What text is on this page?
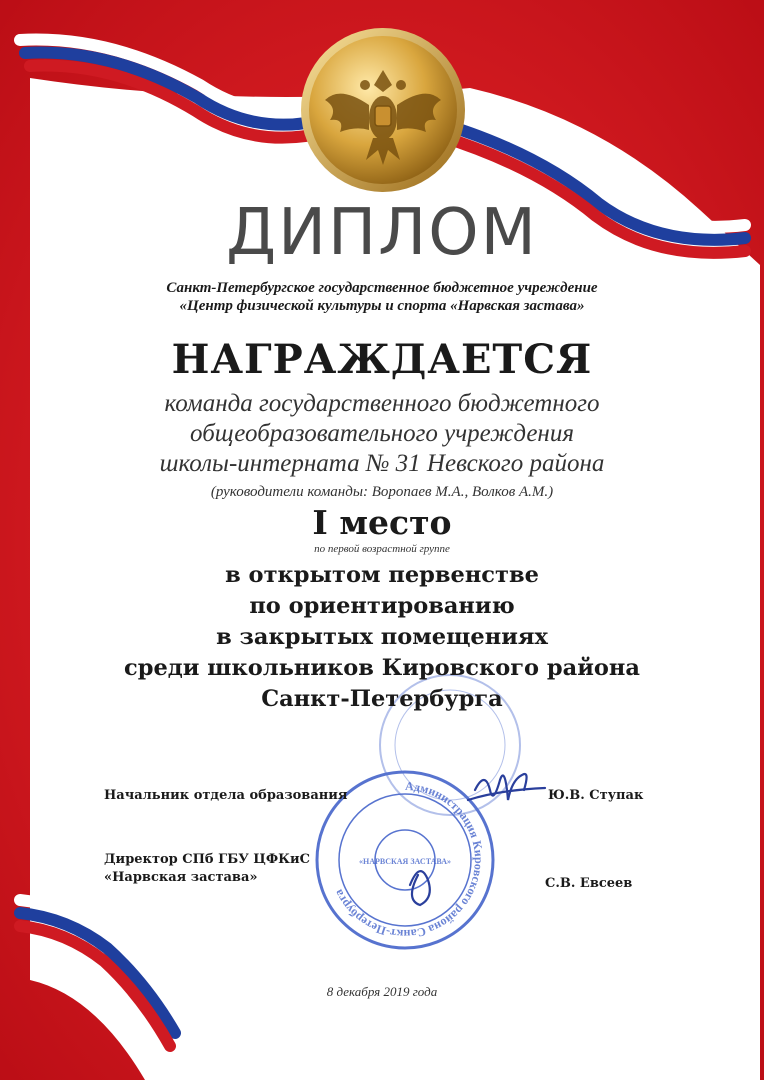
Администрация Кировского района Санкт-Петербурга
«НАРВСКАЯ ЗАСТАВА»
ДИПЛОМ
Санкт-Петербургское государственное бюджетное учреждение
«Центр физической культуры и спорта «Нарвская застава»
НАГРАЖДАЕТСЯ
команда государственного бюджетного
общеобразовательного учреждения
школы-интерната № 31 Невского района
(руководители команды: Воропаев М.А., Волков А.М.)
I место
по первой возрастной группе
в открытом первенстве
по ориентированию
в закрытых помещениях
среди школьников Кировского района
Санкт-Петербурга
Начальник отдела образования	Ю.В. Ступак
Директор СПб ГБУ ЦФКиС
«Нарвская застава»	С.В. Евсеев
8 декабря 2019 года
